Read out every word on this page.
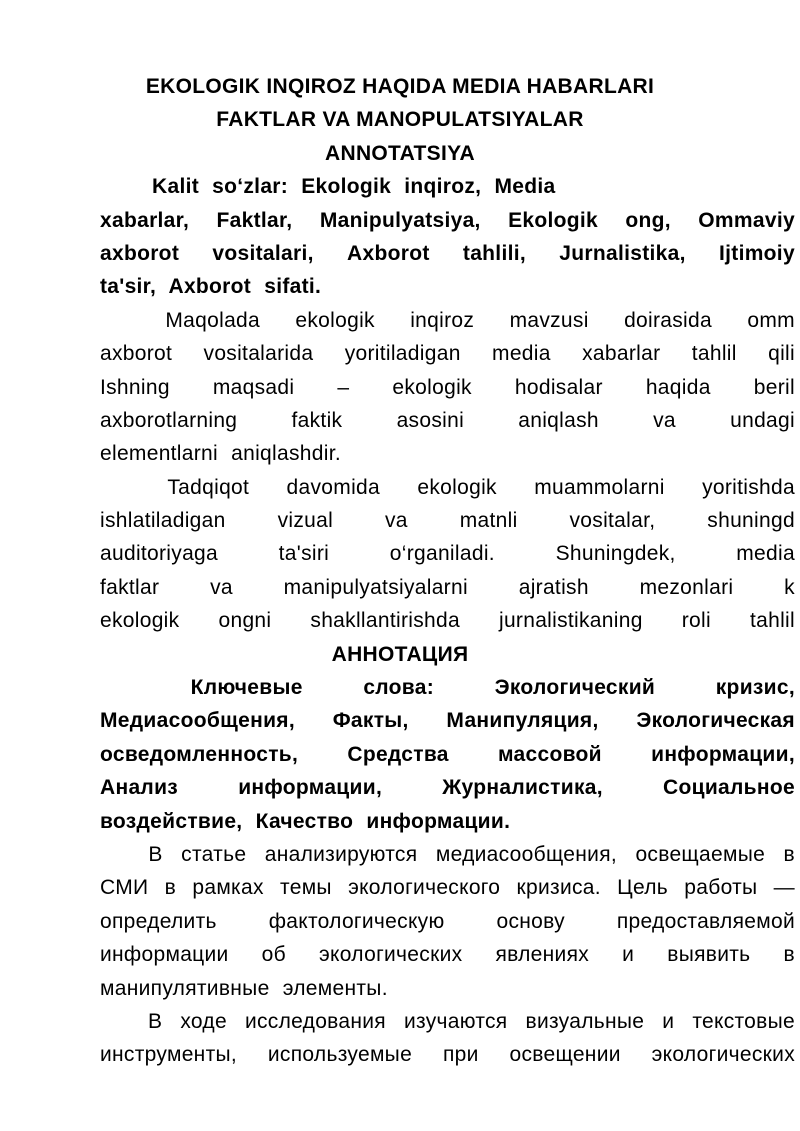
EKOLOGIK INQIROZ HAQIDA MEDIA HABARLARI
FAKTLAR VA MANOPULATSIYALAR
ANNOTATSIYA
Kalit so‘zlar: Ekologik inqiroz, Media
xabarlar, Faktlar, Manipulyatsiya, Ekologik ong, Ommaviy
axborot vositalari, Axborot tahlili, Jurnalistika, Ijtimoiy
ta'sir, Axborot sifati.
Maqolada ekologik inqiroz mavzusi doirasida omm
axborot vositalarida yoritiladigan media xabarlar tahlil qili
Ishning maqsadi – ekologik hodisalar haqida beril
axborotlarning	faktik	asosini	aniqlash	va	undagi
elementlarni aniqlashdir.
Tadqiqot davomida ekologik muammolarni yoritishda
ishlatiladigan vizual va matnli vositalar, shuningd
auditoriyaga	ta'siri	o‘rganiladi.	Shuningdek,	media
faktlar va manipulyatsiyalarni ajratish mezonlari k
ekologik ongni shakllantirishda jurnalistikaning roli tahlil
АННОТАЦИЯ
Ключевые	слова:	Экологический	кризис,
Медиасообщения, Факты, Манипуляция, Экологическая
осведомленность, Средства массовой информации,
Анализ	информации,	Журналистика,	Социальное
воздействие, Качество информации.
В статье анализируются медиасообщения, освещаемые в
СМИ в рамках темы экологического кризиса. Цель работы —
определить фактологическую основу предоставляемой
информации об экологических явлениях и выявить в
манипулятивные элементы.
В ходе исследования изучаются визуальные и текстовые
инструменты, используемые при освещении экологических
